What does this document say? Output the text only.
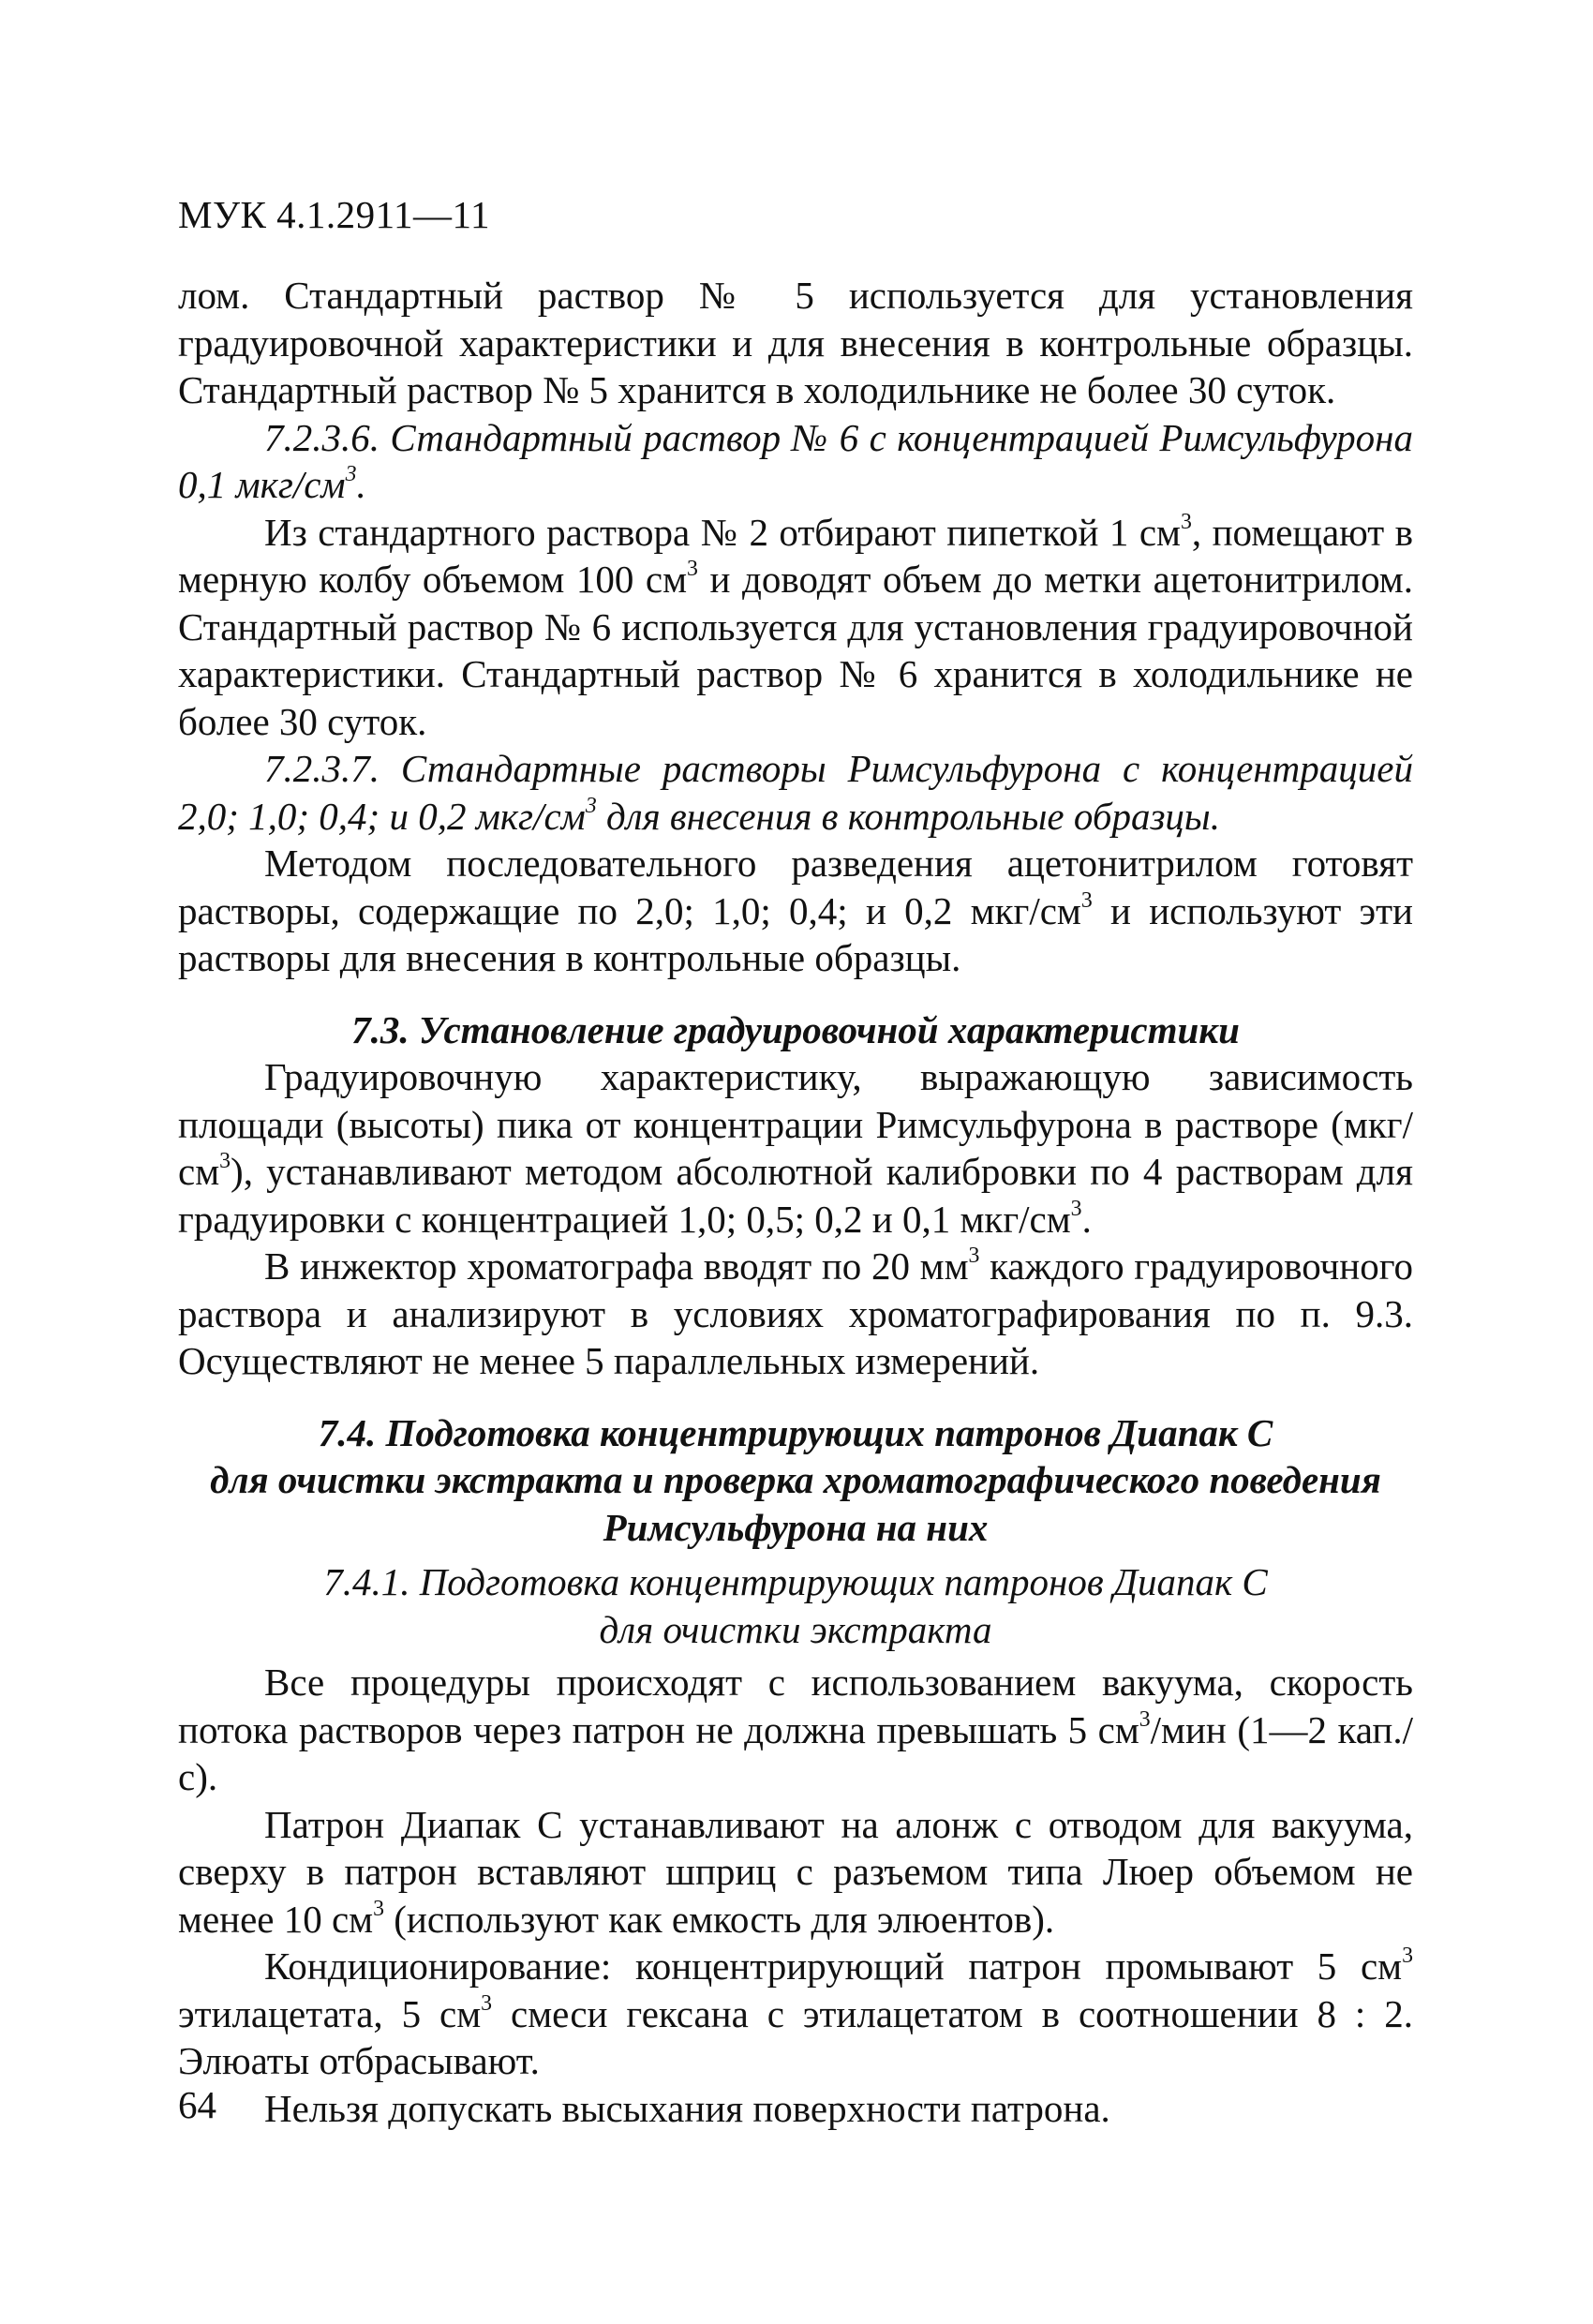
МУК 4.1.2911—11

лом. Стандартный раствор № 5 используется для установления градуировочной характеристики и для внесения в контрольные образцы. Стандартный раствор № 5 хранится в холодильнике не более 30 суток.

7.2.3.6. Стандартный раствор № 6 с концентрацией Римсульфурона 0,1 мкг/$см^3$.

Из стандартного раствора № 2 отбирают пипеткой 1 $см^3$, помещают в мерную колбу объемом 100 $см^3$ и доводят объем до метки ацетонитрилом. Стандартный раствор № 6 используется для установления градуировочной характеристики. Стандартный раствор № 6 хранится в холодильнике не более 30 суток.

7.2.3.7. Стандартные растворы Римсульфурона с концентрацией 2,0; 1,0; 0,4; и 0,2 мкг/$см^3$ для внесения в контрольные образцы.

Методом последовательного разведения ацетонитрилом готовят растворы, содержащие по 2,0; 1,0; 0,4; и 0,2 мкг/$см^3$ и используют эти растворы для внесения в контрольные образцы.

7.3. Установление градуировочной характеристики

Градуировочную характеристику, выражающую зависимость площади (высоты) пика от концентрации Римсульфурона в растворе $(мкг/см^3)$, устанавливают методом абсолютной калибровки по 4 растворам для градуировки с концентрацией 1,0; 0,5; 0,2 и 0,1 мкг/$см^3$.

В инжектор хроматографа вводят по 20 $мм^3$ каждого градуировочного раствора и анализируют в условиях хроматографирования по п. 9.3. Осуществляют не менее 5 параллельных измерений.

7.4. Подготовка концентрирующих патронов Диапак С

для очистки экстракта и проверка хроматографического поведения

Римсульфурона на них

7.4.1. Подготовка концентрирующих патронов Диапак С

для очистки экстракта

Все процедуры происходят с использованием вакуума, скорость потока растворов через патрон не должна превышать 5 $см^3$/мин (1—2 кап./с).

Патрон Диапак С устанавливают на алонж с отводом для вакуума, сверху в патрон вставляют шприц с разъемом типа Люер объемом не менее 10 $см^3$ (используют как емкость для элюентов).

Кондиционирование: концентрирующий патрон промывают 5 $см^3$ этилацетата, 5 $см^3$ смеси гексана с этилацетатом в соотношении 8 : 2. Элюаты отбрасывают.

Нельзя допускать высыхания поверхности патрона.

64
